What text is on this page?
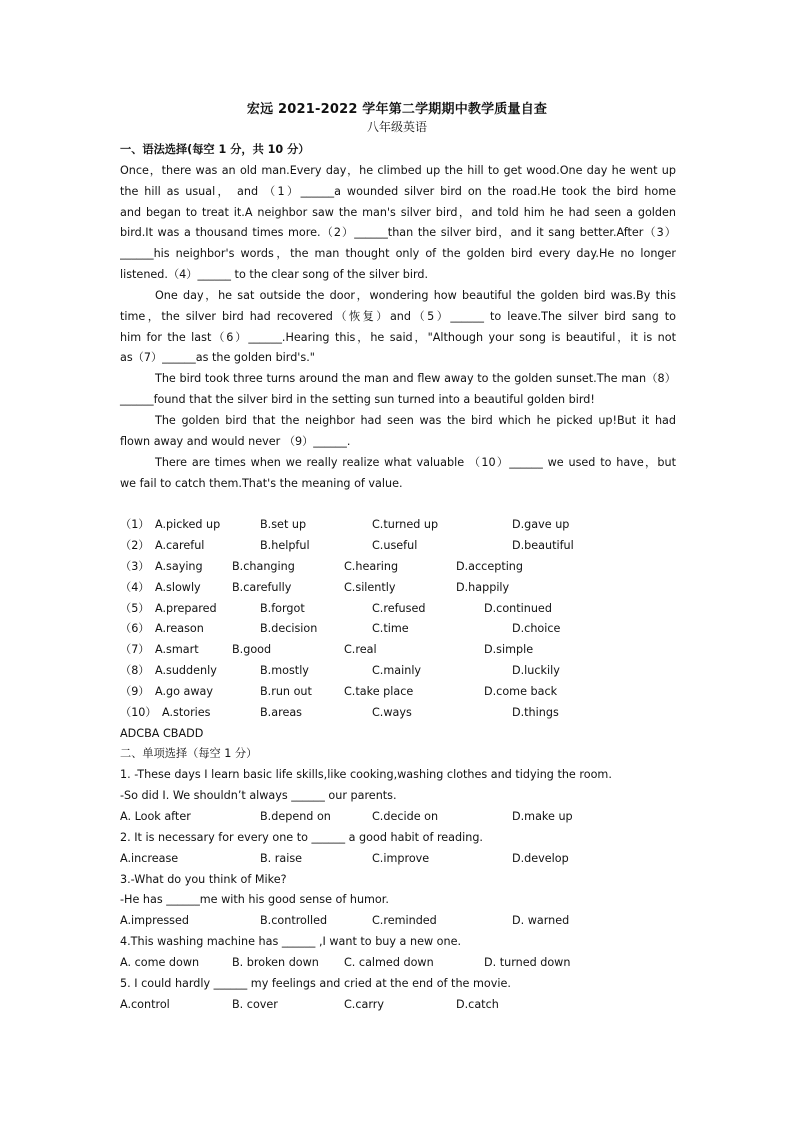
宏远 2021-2022 学年第二学期期中教学质量自查
八年级英语
一、语法选择(每空 1 分，共 10 分）
Once，there was an old man.Every day，he climbed up the hill to get wood.One day he went up
the hill as usual， and （1）______a wounded silver bird on the road.He took the bird home
and began to treat it.A neighbor saw the man's silver bird，and told him he had seen a golden
bird.It was a thousand times more.（2）______than the silver bird，and it sang better.After（3）
______his neighbor's words，the man thought only of the golden bird every day.He no longer
listened.（4）______ to the clear song of the silver bird.
One day，he sat outside the door，wondering how beautiful the golden bird was.By this
time，the silver bird had recovered（恢复）and（5）______ to leave.The silver bird sang to
him for the last（6）______.Hearing this，he said，"Although your song is beautiful，it is not
as（7）______as the golden bird's."
The bird took three turns around the man and flew away to the golden sunset.The man（8）
______found that the silver bird in the setting sun turned into a beautiful golden bird!
The golden bird that the neighbor had seen was the bird which he picked up!But it had
flown away and would never （9）______.
There are times when we really realize what valuable （10）______ we used to have，but
we fail to catch them.That's the meaning of value.
（1） A.picked up	B.set up	C.turned up	D.gave up
（2） A.careful	B.helpful	C.useful	D.beautiful
（3） A.saying	B.changing	C.hearing	D.accepting
（4） A.slowly	B.carefully	C.silently	D.happily
（5） A.prepared	B.forgot	C.refused	D.continued
（6） A.reason	B.decision	C.time	D.choice
（7） A.smart	B.good	C.real	D.simple
（8） A.suddenly	B.mostly	C.mainly	D.luckily
（9） A.go away	B.run out	C.take place	D.come back
（10） A.stories	B.areas	C.ways	D.things
ADCBA CBADD
二、单项选择（每空 1 分）
1. -These days I learn basic life skills,like cooking,washing clothes and tidying the room.
-So did I. We shouldn’t always ______ our parents.
A. Look after	B.depend on	C.decide on	D.make up
2. It is necessary for every one to ______ a good habit of reading.
A.increase	B. raise	C.improve	D.develop
3.-What do you think of Mike?
-He has ______me with his good sense of humor.
A.impressed	B.controlled	C.reminded	D. warned
4.This washing machine has ______ ,I want to buy a new one.
A. come down	B. broken down C. calmed down	D. turned down
5. I could hardly ______ my feelings and cried at the end of the movie.
A.control	B. cover	C.carry	D.catch
